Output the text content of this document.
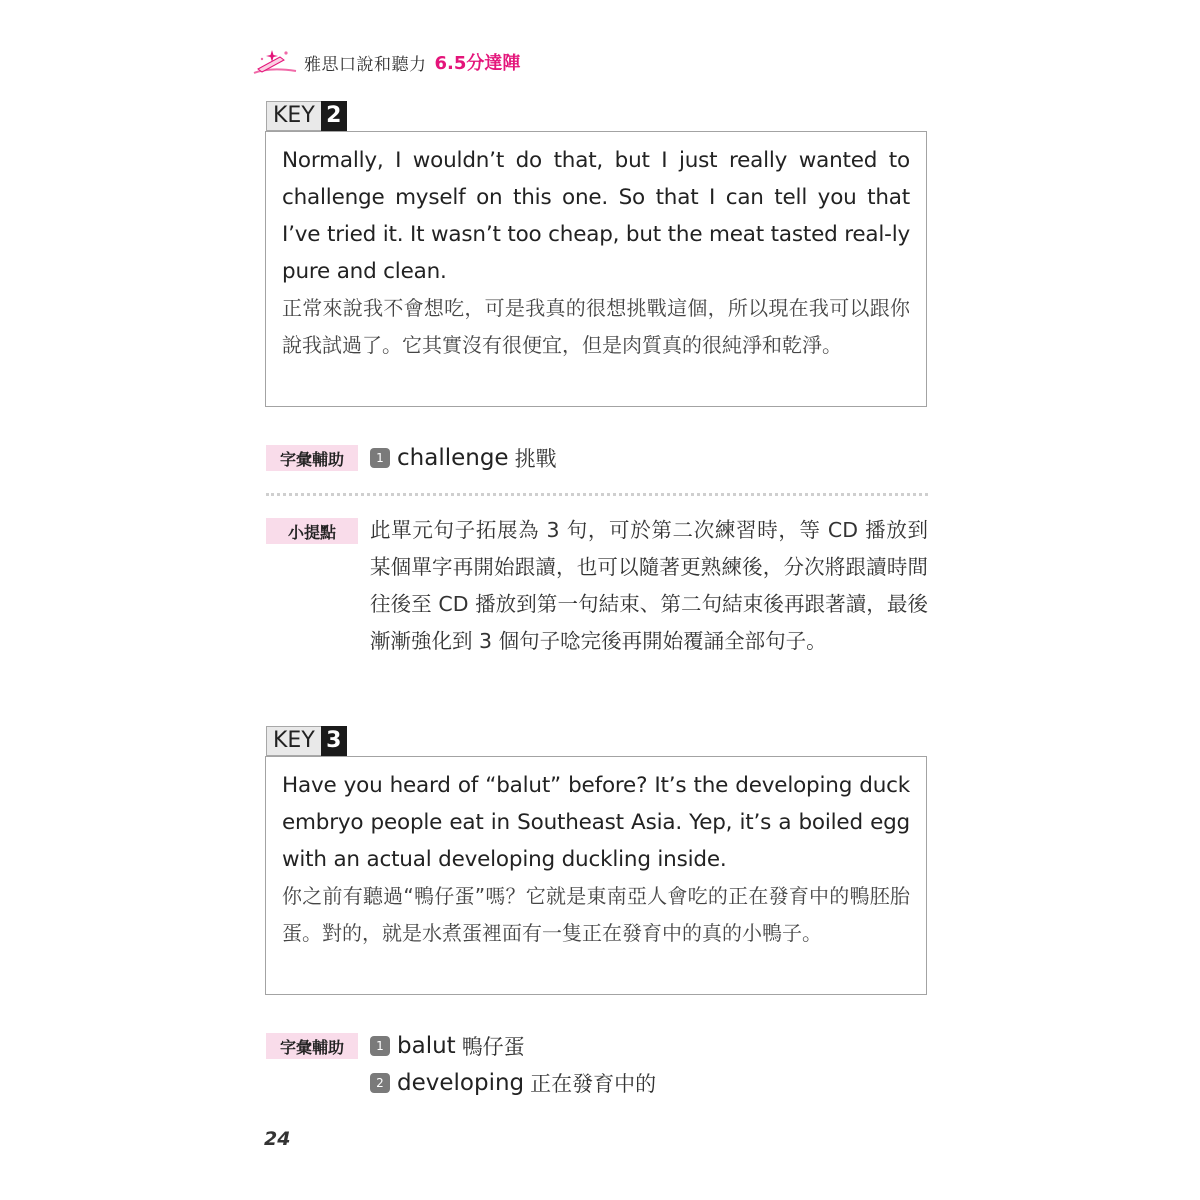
雅思口說和聽力 6.5分達陣
KEY 2

Normally, I wouldn’t do that, but I just really wanted to challenge myself on this one. So that I can tell you that I’ve tried it. It wasn’t too cheap, but the meat tasted real-ly pure and clean.

正常來說我不會想吃，可是我真的很想挑戰這個，所以現在我可以跟你說我試過了。它其實沒有很便宜，但是肉質真的很純淨和乾淨。

字彙輔助	1 challenge 挑戰
小提點	此單元句子拓展為 3 句，可於第二次練習時，等 CD 播放到某個單字再開始跟讀，也可以隨著更熟練後，分次將跟讀時間往後至 CD 播放到第一句結束、第二句結束後再跟著讀，最後漸漸強化到 3 個句子唸完後再開始覆誦全部句子。

KEY 3

Have you heard of “balut” before? It’s the developing duck embryo people eat in Southeast Asia. Yep, it’s a boiled egg with an actual developing duckling inside.

你之前有聽過“鴨仔蛋”嗎？它就是東南亞人會吃的正在發育中的鴨胚胎蛋。對的，就是水煮蛋裡面有一隻正在發育中的真的小鴨子。

字彙輔助	1 balut 鴨仔蛋
2 developing 正在發育中的
24
